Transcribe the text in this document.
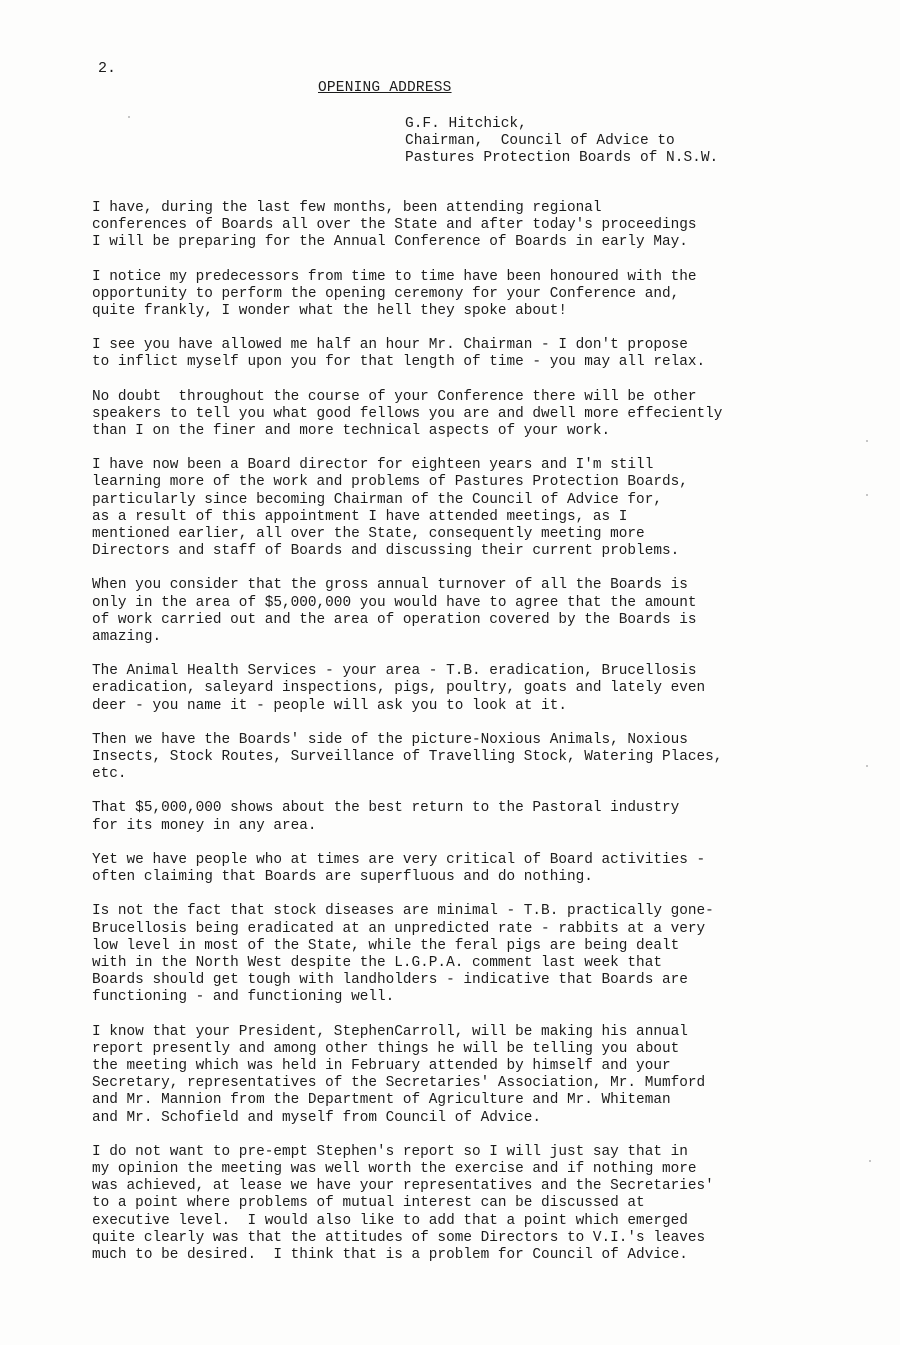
2.
OPENING ADDRESS
G.F. Hitchick,
Chairman,  Council of Advice to
Pastures Protection Boards of N.S.W.
I have, during the last few months, been attending regional
conferences of Boards all over the State and after today's proceedings
I will be preparing for the Annual Conference of Boards in early May.
I notice my predecessors from time to time have been honoured with the
opportunity to perform the opening ceremony for your Conference and,
quite frankly, I wonder what the hell they spoke about!
I see you have allowed me half an hour Mr. Chairman - I don't propose
to inflict myself upon you for that length of time - you may all relax.
No doubt  throughout the course of your Conference there will be other
speakers to tell you what good fellows you are and dwell more effeciently
than I on the finer and more technical aspects of your work.
I have now been a Board director for eighteen years and I'm still
learning more of the work and problems of Pastures Protection Boards,
particularly since becoming Chairman of the Council of Advice for,
as a result of this appointment I have attended meetings, as I
mentioned earlier, all over the State, consequently meeting more
Directors and staff of Boards and discussing their current problems.
When you consider that the gross annual turnover of all the Boards is
only in the area of $5,000,000 you would have to agree that the amount
of work carried out and the area of operation covered by the Boards is
amazing.
The Animal Health Services - your area - T.B. eradication, Brucellosis
eradication, saleyard inspections, pigs, poultry, goats and lately even
deer - you name it - people will ask you to look at it.
Then we have the Boards' side of the picture-Noxious Animals, Noxious
Insects, Stock Routes, Surveillance of Travelling Stock, Watering Places,
etc.
That $5,000,000 shows about the best return to the Pastoral industry
for its money in any area.
Yet we have people who at times are very critical of Board activities -
often claiming that Boards are superfluous and do nothing.
Is not the fact that stock diseases are minimal - T.B. practically gone-
Brucellosis being eradicated at an unpredicted rate - rabbits at a very
low level in most of the State, while the feral pigs are being dealt
with in the North West despite the L.G.P.A. comment last week that
Boards should get tough with landholders - indicative that Boards are
functioning - and functioning well.
I know that your President, StephenCarroll, will be making his annual
report presently and among other things he will be telling you about
the meeting which was held in February attended by himself and your
Secretary, representatives of the Secretaries' Association, Mr. Mumford
and Mr. Mannion from the Department of Agriculture and Mr. Whiteman
and Mr. Schofield and myself from Council of Advice.
I do not want to pre-empt Stephen's report so I will just say that in
my opinion the meeting was well worth the exercise and if nothing more
was achieved, at lease we have your representatives and the Secretaries'
to a point where problems of mutual interest can be discussed at
executive level.  I would also like to add that a point which emerged
quite clearly was that the attitudes of some Directors to V.I.'s leaves
much to be desired.  I think that is a problem for Council of Advice.
